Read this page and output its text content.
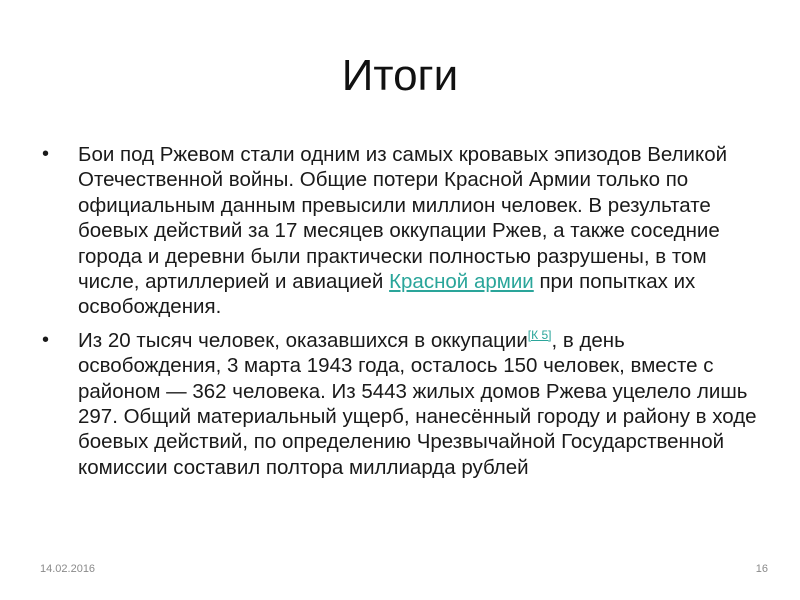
Итоги
• Бои под Ржевом стали одним из самых кровавых эпизодов Великой Отечественной войны. Общие потери Красной Армии только по официальным данным превысили миллион человек. В результате боевых действий за 17 месяцев оккупации Ржев, а также соседние города и деревни были практически полностью разрушены, в том числе, артиллерией и авиацией Красной армии при попытках их освобождения.
• Из 20 тысяч человек, оказавшихся в оккупации[К 5], в день освобождения, 3 марта 1943 года, осталось 150 человек, вместе с районом — 362 человека. Из 5443 жилых домов Ржева уцелело лишь 297. Общий материальный ущерб, нанесённый городу и району в ходе боевых действий, по определению Чрезвычайной Государственной комиссии составил полтора миллиарда рублей
14.02.2016	16
